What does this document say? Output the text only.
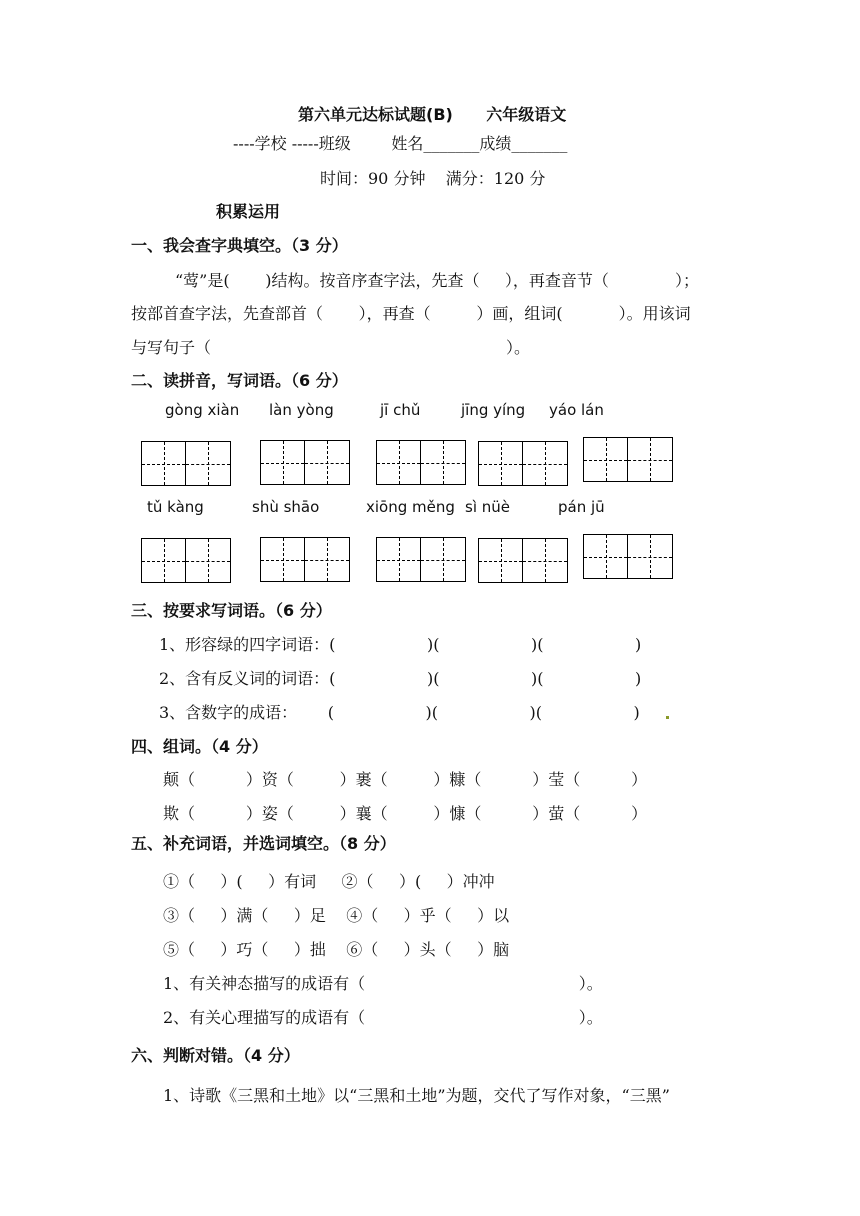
第六单元达标试题(B)      六年级语文
----学校 -----班级        姓名_______成绩_______
时间：90 分钟    满分：120 分
积累运用
一、我会查字典填空。（3 分）
“莺”是(       )结构。按音序查字法，先查（     ），再查音节（             ）；
按部首查字法，先查部首（       ），再查（         ）画，组词(           ）。用该词
与写句子（                                                          ）。
二、读拼音，写词语。（6 分）
gòng xiàn làn yòng	jī chǔ	jīng yíng yáo lán
tǔ kàng	shù shāo	xiōng měng sì nüè	pán jū
三、按要求写词语。（6 分）
1、形容绿的四字词语：(                  )(                  )(                  )
2、含有反义词的词语：(                  )(                  )(                  )
3、含数字的成语：      (                  )(                  )(                  )
四、组词。（4 分）
颠（          ）资（         ）裹（         ）糠（          ）莹（          ）
欺（          ）姿（         ）襄（         ）慷（          ）萤（          ）
五、补充词语，并选词填空。（8 分）
①（     ）(     ）有词     ②（     ）(     ）冲冲
③（     ）满（     ）足    ④（     ）乎（     ）以
⑤（     ）巧（     ）拙    ⑥（     ）头（     ）脑
1、有关神态描写的成语有（                                          ）。
2、有关心理描写的成语有（                                          ）。
六、判断对错。（4 分）
1、诗歌《三黑和土地》以“三黑和土地”为题，交代了写作对象，“三黑”
